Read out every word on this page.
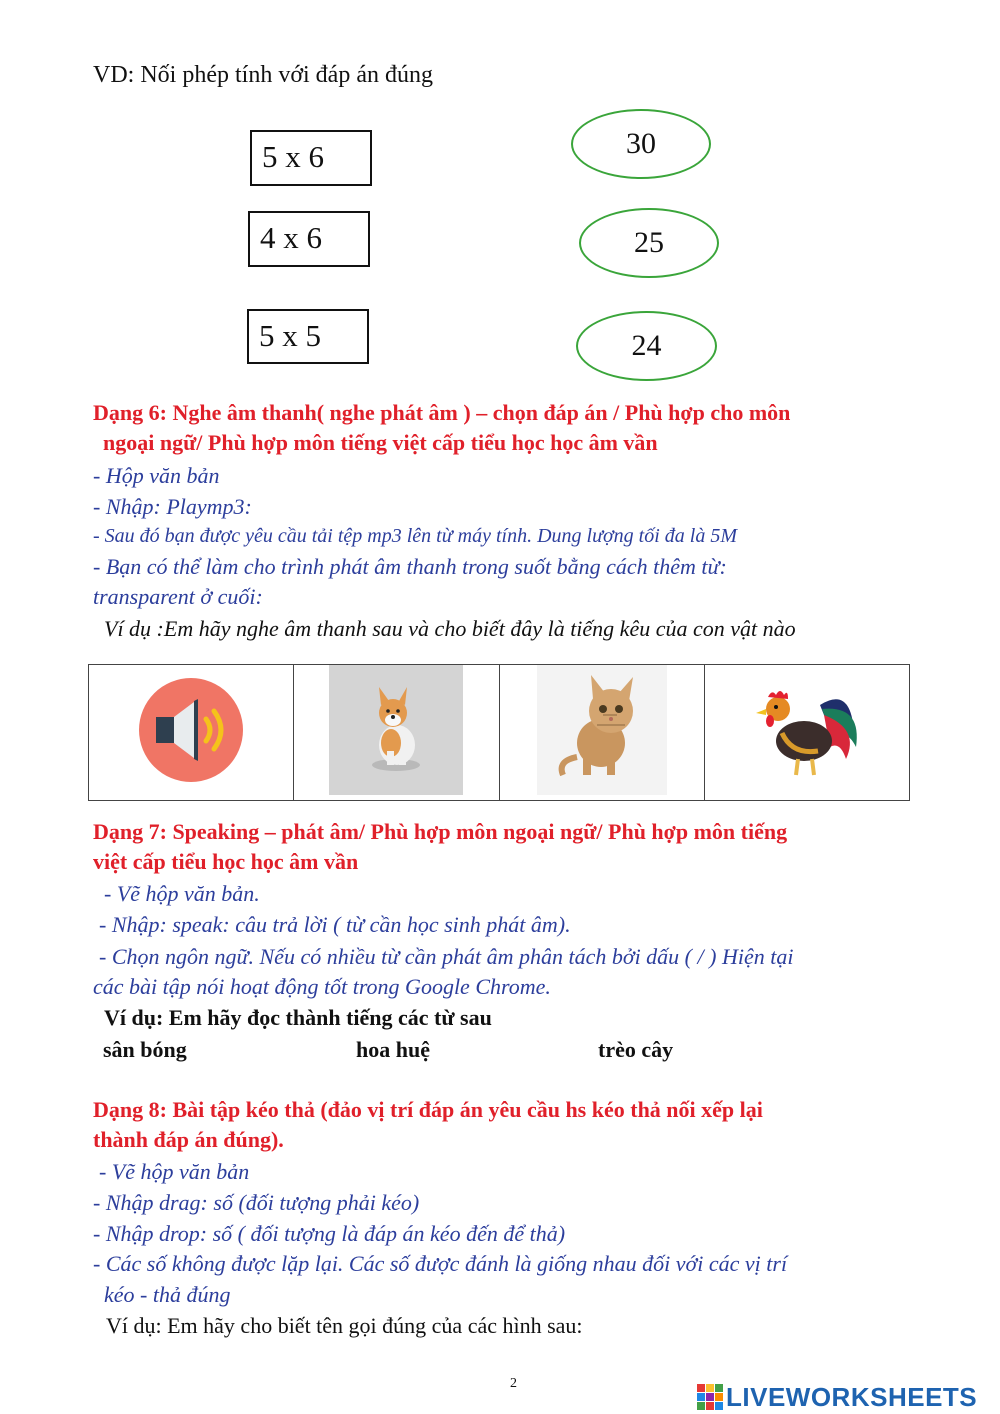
VD: Nối phép tính với đáp án đúng
5 x 6
4 x 6
5 x 5
30
25
24
Dạng 6: Nghe âm thanh( nghe phát âm ) – chọn đáp án / Phù hợp cho môn
ngoại ngữ/ Phù hợp môn tiếng việt cấp tiểu học học âm vần
- Hộp văn bản
- Nhập: Playmp3:
- Sau đó bạn được yêu cầu tải tệp mp3 lên từ máy tính. Dung lượng tối đa là 5M
- Bạn có thể làm cho trình phát âm thanh trong suốt bằng cách thêm từ:
transparent ở cuối:
Ví dụ :Em hãy nghe âm thanh sau và cho biết đây là tiếng kêu của con vật nào

Dạng 7: Speaking – phát âm/ Phù hợp môn ngoại ngữ/ Phù hợp môn tiếng
việt cấp tiểu học học âm vần
- Vẽ hộp văn bản.
- Nhập: speak: câu trả lời ( từ cần học sinh phát âm).
- Chọn ngôn ngữ. Nếu có nhiều từ cần phát âm phân tách bởi dấu ( / ) Hiện tại
các bài tập nói hoạt động tốt trong Google Chrome.
Ví dụ: Em hãy đọc thành tiếng các từ sau
sân bóng	hoa huệ	trèo cây
Dạng 8: Bài tập kéo thả (đảo vị trí đáp án yêu cầu hs kéo thả nối xếp lại
thành đáp án đúng).
- Vẽ hộp văn bản
- Nhập drag: số (đối tượng phải kéo)
- Nhập drop: số ( đối tượng là đáp án kéo đến để thả)
- Các số không được lặp lại. Các số được đánh là giống nhau đối với các vị trí
kéo - thả đúng
Ví dụ: Em hãy cho biết tên gọi đúng của các hình sau:
2	LIVEWORKSHEETS
